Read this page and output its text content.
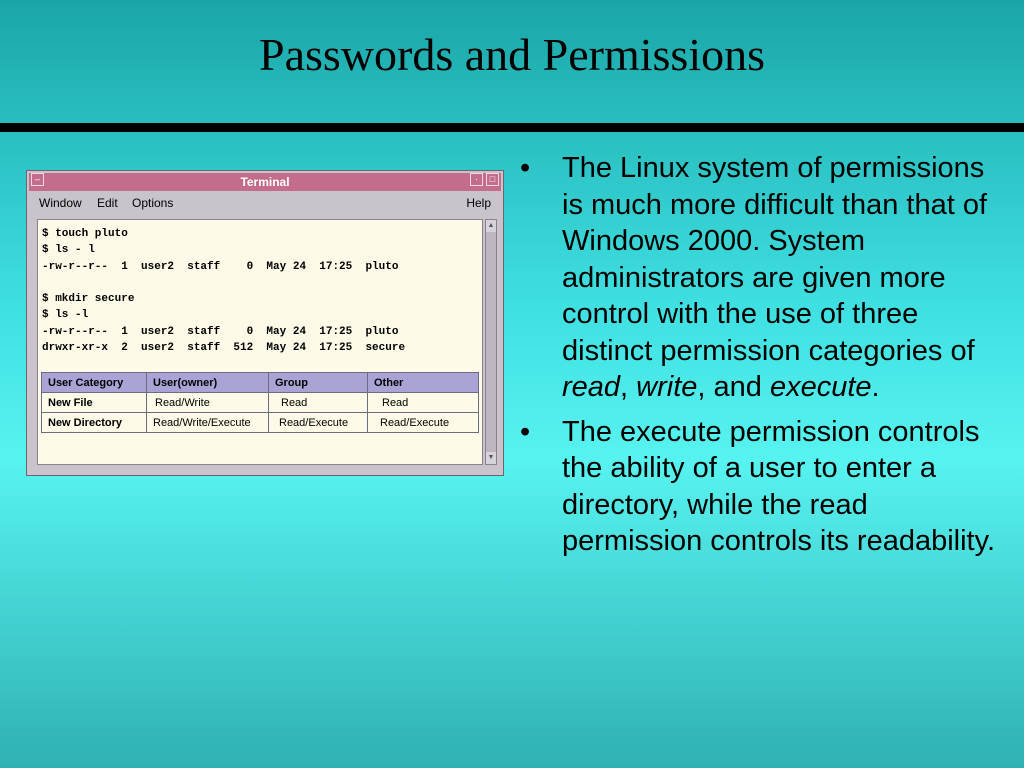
Passwords and Permissions
Terminal
–	·	□
Window Edit Options	Help
$ touch pluto
$ ls - l
-rw-r--r--  1  user2  staff    0  May 24  17:25  pluto

$ mkdir secure
$ ls -l
-rw-r--r--  1  user2  staff    0  May 24  17:25  pluto
drwxr-xr-x  2  user2  staff  512  May 24  17:25  secure
User Category	User(owner)	Group	Other
New File	Read/Write	Read	Read
New Directory	Read/Write/Execute	Read/Execute	Read/Execute
▲
▼
• The Linux system of permissions is much more difficult than that of Windows 2000. System administrators are given more control with the use of three distinct permission categories of read, write, and execute.
• The execute permission controls the ability of a user to enter a directory, while the read permission controls its readability.
